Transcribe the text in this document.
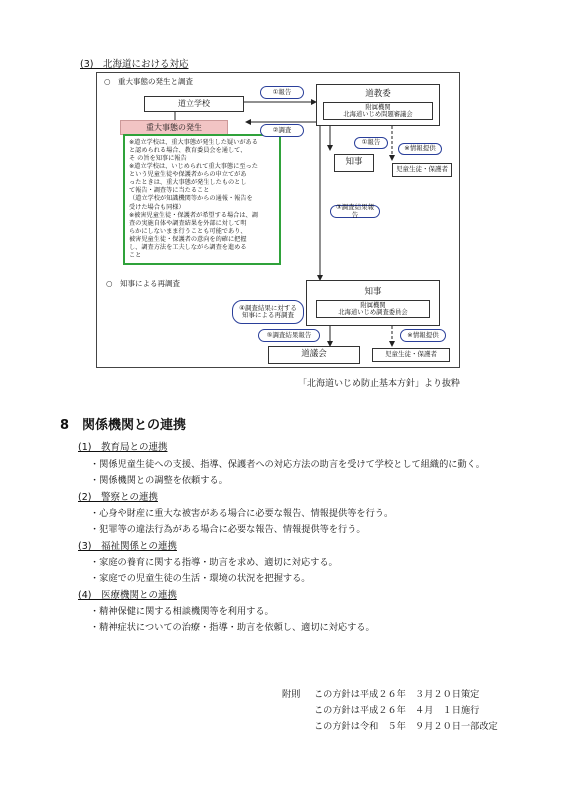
(3)　北海道における対応
○　重大事態の発生と調査
道立学校
重大事態の発生
※道立学校は、重大事態が発生した疑いがある
と認められる場合、教育委員会を通して、
そ の旨を知事に報告
※道立学校は、いじめられて重大事態に至った
という児童生徒や保護者からの申立てがあ
ったときは、重大事態が発生したものとし
て報告・調査等に当たること
（道立学校が知識機関等からの通報・報告を
受けた場合も同様）
※被害児童生徒・保護者が希望する場合は、調
査の実施自体や調査結果を外部に対して明
らかにしないまま行うことも可能であり、
被害児童生徒・保護者の意向を的確に把握
し、調査方法を工夫しながら調査を進める
こと
①報告
②調査
道教委
附属機関
北海道いじめ問題審議会
①報告
※情報提供
知事
児童生徒・保護者
③調査結果報告
○　知事による再調査
知事
附属機関
北海道いじめ調査委員会
④調査結果に対する
知事による再調査
⑤調査結果報告	※情報提供
道議会	児童生徒・保護者
「北海道いじめ防止基本方針」より抜粋
8　関係機関との連携
(1)　教育局との連携
・関係児童生徒への支援、指導、保護者への対応方法の助言を受けて学校として組織的に動く。
・関係機関との調整を依頼する。
(2)　警察との連携
・心身や財産に重大な被害がある場合に必要な報告、情報提供等を行う。
・犯罪等の違法行為がある場合に必要な報告、情報提供等を行う。
(3)　福祉関係との連携
・家庭の養育に関する指導・助言を求め、適切に対応する。
・家庭での児童生徒の生活・環境の状況を把握する。
(4)　医療機関との連携
・精神保健に関する相談機関等を利用する。
・精神症状についての治療・指導・助言を依頼し、適切に対応する。
附則 この方針は平成２６年　３月２０日策定
この方針は平成２６年　４月　１日施行
この方針は令和　５年　９月２０日一部改定
